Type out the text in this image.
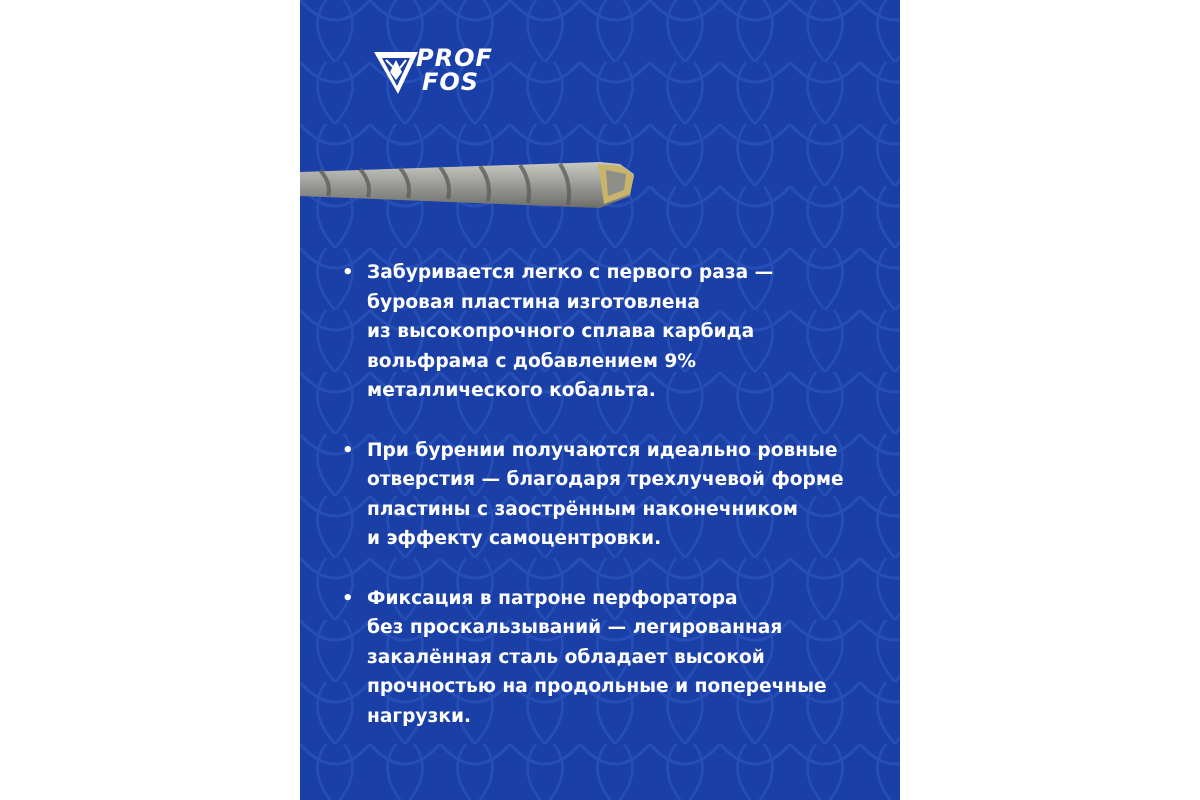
PROF
FOS
• Забуривается легко с первого раза —
буровая пластина изготовлена
из высокопрочного сплава карбида
вольфрама с добавлением 9%
металлического кобальта.
• При бурении получаются идеально ровные
отверстия — благодаря трехлучевой форме
пластины с заострённым наконечником
и эффекту самоцентровки.
• Фиксация в патроне перфоратора
без проскальзываний — легированная
закалённая сталь обладает высокой
прочностью на продольные и поперечные
нагрузки.
